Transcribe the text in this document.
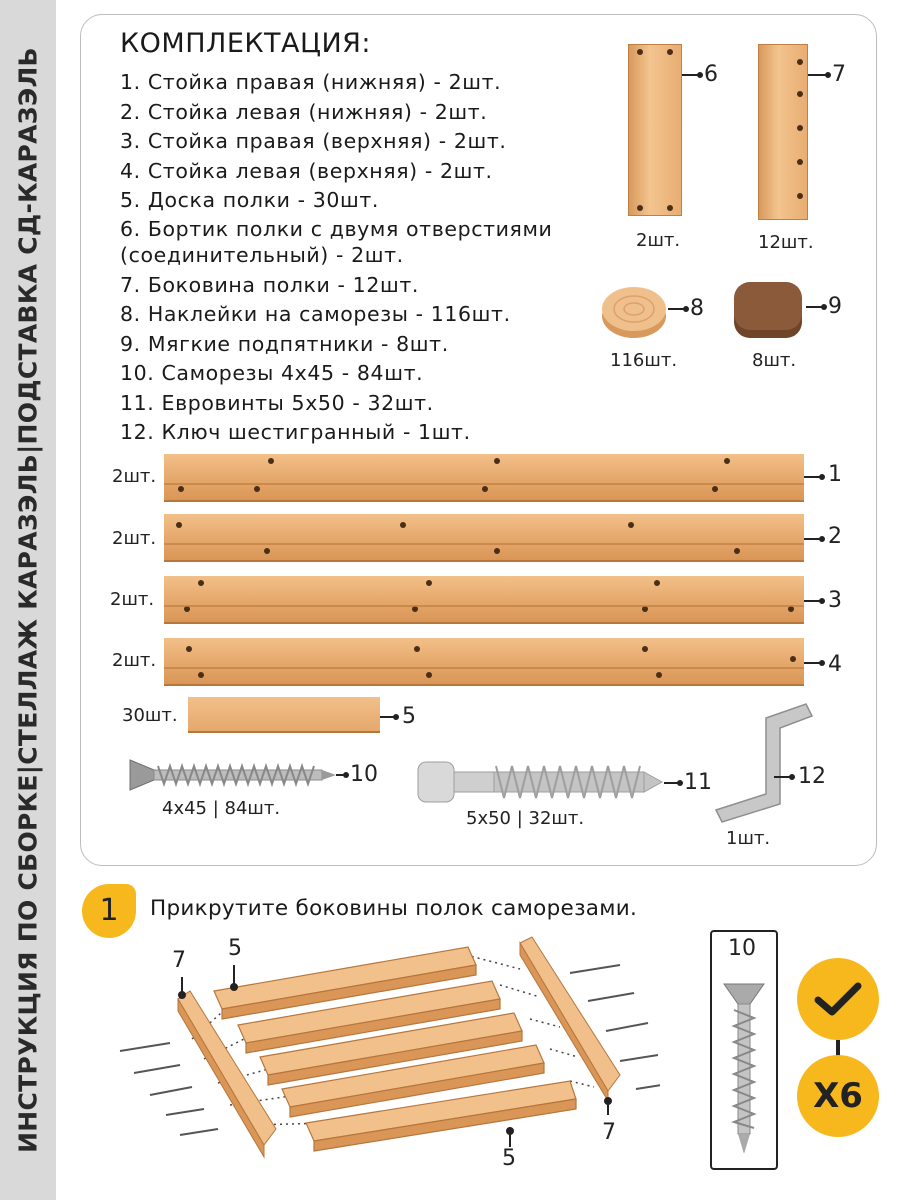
ИНСТРУКЦИЯ ПО СБОРКЕ|СТЕЛЛАЖ КАРАЗЭЛЬ|ПОДСТАВКА СД-КАРАЗЭЛЬ
КОМПЛЕКТАЦИЯ:
1. Стойка правая (нижняя) - 2шт.
2. Стойка левая (нижняя) - 2шт.
3. Стойка правая (верхняя) - 2шт.
4. Стойка левая (верхняя) - 2шт.
5. Доска полки - 30шт.
6. Бортик полки с двумя отверстиями (соединительный) - 2шт.
7. Боковина полки - 12шт.
8. Наклейки на саморезы - 116шт.
9. Мягкие подпятники - 8шт.
10. Саморезы 4х45 - 84шт.
11. Евровинты 5х50 - 32шт.
12. Ключ шестигранный - 1шт.
6
2шт.
7
12шт.
8
116шт.
9
8шт.
2шт.	1
2шт.	2
2шт.	3
2шт.	4
30шт.	5
10
4х45 | 84шт.
11
5х50 | 32шт.
12
1шт.
1	Прикрутите боковины полок саморезами.
7 5
7
5
10
X6
